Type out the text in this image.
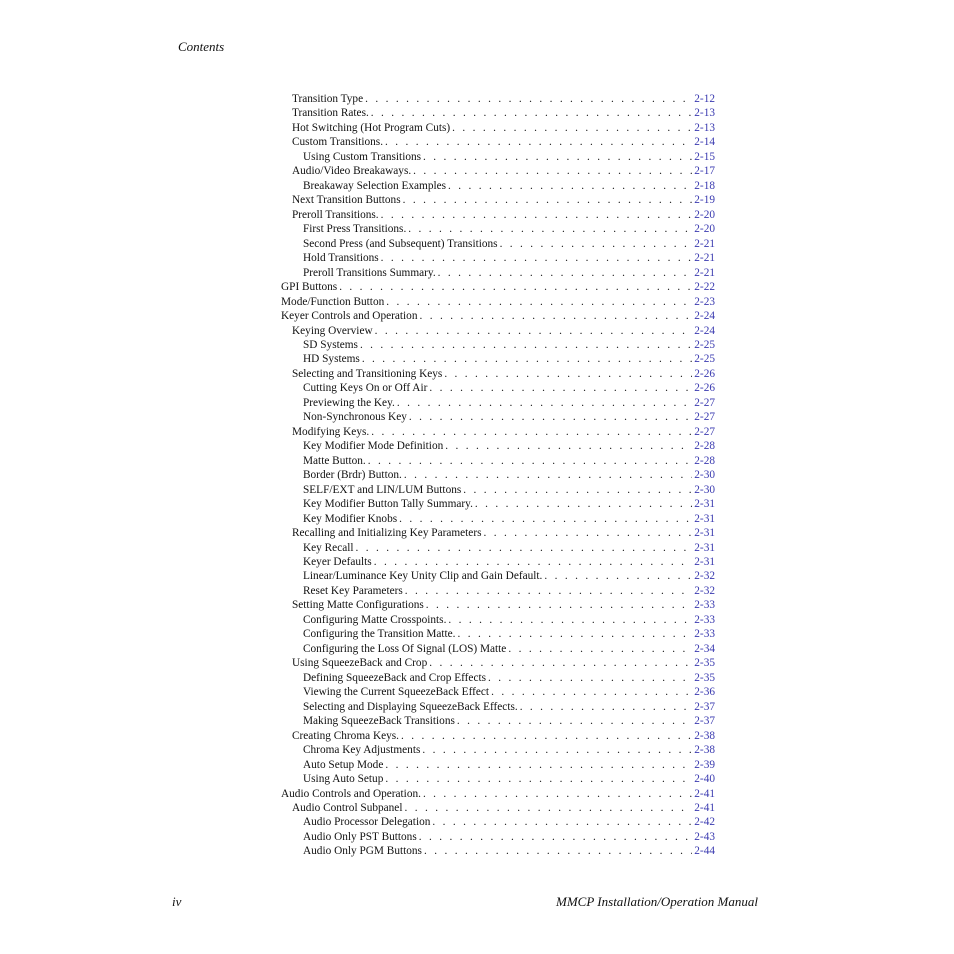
Contents
Transition Type . . .	2-12
Transition Rates. . . .	2-13
Hot Switching (Hot Program Cuts) . . .	2-13
Custom Transitions. . . .	2-14
Using Custom Transitions . . .	2-15
Audio/Video Breakaways. . . .	2-17
Breakaway Selection Examples . . .	2-18
Next Transition Buttons . . .	2-19
Preroll Transitions. . . .	2-20
First Press Transitions. . . .	2-20
Second Press (and Subsequent) Transitions . . .	2-21
Hold Transitions . . .	2-21
Preroll Transitions Summary. . . .	2-21
GPI Buttons . . .	2-22
Mode/Function Button . . .	2-23
Keyer Controls and Operation . . .	2-24
Keying Overview . . .	2-24
SD Systems . . .	2-25
HD Systems . . .	2-25
Selecting and Transitioning Keys . . .	2-26
Cutting Keys On or Off Air . . .	2-26
Previewing the Key. . . .	2-27
Non-Synchronous Key . . .	2-27
Modifying Keys. . . .	2-27
Key Modifier Mode Definition . . .	2-28
Matte Button. . . .	2-28
Border (Brdr) Button. . . .	2-30
SELF/EXT and LIN/LUM Buttons . . .	2-30
Key Modifier Button Tally Summary. . . .	2-31
Key Modifier Knobs . . .	2-31
Recalling and Initializing Key Parameters . . .	2-31
Key Recall . . .	2-31
Keyer Defaults . . .	2-31
Linear/Luminance Key Unity Clip and Gain Default. . . .	2-32
Reset Key Parameters . . .	2-32
Setting Matte Configurations . . .	2-33
Configuring Matte Crosspoints. . . .	2-33
Configuring the Transition Matte. . . .	2-33
Configuring the Loss Of Signal (LOS) Matte . . .	2-34
Using SqueezeBack and Crop . . .	2-35
Defining SqueezeBack and Crop Effects . . .	2-35
Viewing the Current SqueezeBack Effect . . .	2-36
Selecting and Displaying SqueezeBack Effects. . . .	2-37
Making SqueezeBack Transitions . . .	2-37
Creating Chroma Keys. . . .	2-38
Chroma Key Adjustments . . .	2-38
Auto Setup Mode . . .	2-39
Using Auto Setup . . .	2-40
Audio Controls and Operation. . . .	2-41
Audio Control Subpanel . . .	2-41
Audio Processor Delegation . . .	2-42
Audio Only PST Buttons . . .	2-43
Audio Only PGM Buttons . . .	2-44
iv	MMCP Installation/Operation Manual
